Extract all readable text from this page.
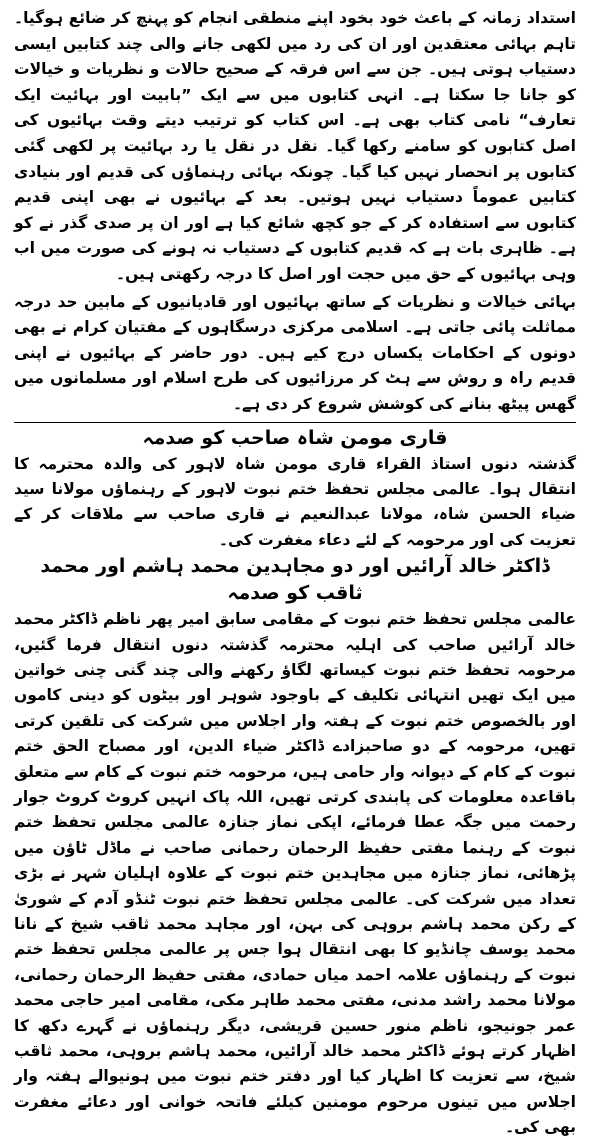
استداد زمانہ کے باعث خود بخود اپنے منطقی انجام کو پہنچ کر ضائع ہوگیا۔ تاہم بہائی معتقدین اور ان کی رد میں لکھی جانے والی چند کتابیں ایسی دستیاب ہوتی ہیں۔ جن سے اس فرقہ کے صحیح حالات و نظریات و خیالات کو جانا جا سکتا ہے۔ انہی کتابوں میں سے ایک ”بابیت اور بہائیت ایک تعارف“ نامی کتاب بھی ہے۔ اس کتاب کو ترتیب دیتے وقت بہائیوں کی اصل کتابوں کو سامنے رکھا گیا۔ نقل در نقل یا رد بہائیت پر لکھی گئی کتابوں پر انحصار نہیں کیا گیا۔ چونکہ بہائی رہنماؤں کی قدیم اور بنیادی کتابیں عموماً دستیاب نہیں ہوتیں۔ بعد کے بہائیوں نے بھی اپنی قدیم کتابوں سے استفادہ کر کے جو کچھ شائع کیا ہے اور ان پر صدی گذر نے کو ہے۔ ظاہری بات ہے کہ قدیم کتابوں کے دستیاب نہ ہونے کی صورت میں اب وہی بہائیوں کے حق میں حجت اور اصل کا درجہ رکھتی ہیں۔

بہائی خیالات و نظریات کے ساتھ بہائیوں اور قادیانیوں کے مابین حد درجہ مماثلت پائی جاتی ہے۔ اسلامی مرکزی درسگاہوں کے مفتیان کرام نے بھی دونوں کے احکامات یکساں درج کیے ہیں۔ دور حاضر کے بہائیوں نے اپنی قدیم راہ و روش سے ہٹ کر مرزائیوں کی طرح اسلام اور مسلمانوں میں گھس پیٹھ بنانے کی کوشش شروع کر دی ہے۔

قاری مومن شاہ صاحب کو صدمہ

گذشتہ دنوں استاذ القراء قاری مومن شاہ لاہور کی والدہ محترمہ کا انتقال ہوا۔ عالمی مجلس تحفظ ختم نبوت لاہور کے رہنماؤں مولانا سید ضیاء الحسن شاہ، مولانا عبدالنعیم نے قاری صاحب سے ملاقات کر کے تعزیت کی اور مرحومہ کے لئے دعاء مغفرت کی۔

ڈاکٹر خالد آرائیں اور دو مجاہدین محمد ہاشم اور محمد ثاقب کو صدمہ

عالمی مجلس تحفظ ختم نبوت کے مقامی سابق امیر پھر ناظم ڈاکٹر محمد خالد آرائیں صاحب کی اہلیہ محترمہ گذشتہ دنوں انتقال فرما گئیں، مرحومہ تحفظ ختم نبوت کیساتھ لگاؤ رکھنے والی چند گنی چنی خواتین میں ایک تھیں انتہائی تکلیف کے باوجود شوہر اور بیٹوں کو دینی کاموں اور بالخصوص ختم نبوت کے ہفتہ وار اجلاس میں شرکت کی تلقین کرتی تھیں، مرحومہ کے دو صاحبزادے ڈاکٹر ضیاء الدین، اور مصباح الحق ختم نبوت کے کام کے دیوانہ وار حامی ہیں، مرحومہ ختم نبوت کے کام سے متعلق باقاعدہ معلومات کی پابندی کرتی تھیں، اللہ پاک انہیں کروٹ کروٹ جوار رحمت میں جگہ عطا فرمائے، اپکی نماز جنازہ عالمی مجلس تحفظ ختم نبوت کے رہنما مفتی حفیظ الرحمان رحمانی صاحب نے ماڈل ٹاؤن میں پڑھائی، نماز جنازہ میں مجاہدین ختم نبوت کے علاوہ اہلیان شہر نے بڑی تعداد میں شرکت کی۔ عالمی مجلس تحفظ ختم نبوت ٹنڈو آدم کے شوریٰ کے رکن محمد ہاشم بروہی کی بہن، اور مجاہد محمد ثاقب شیخ کے نانا محمد یوسف چانڈیو کا بھی انتقال ہوا جس پر عالمی مجلس تحفظ ختم نبوت کے رہنماؤں علامہ احمد میاں حمادی، مفتی حفیظ الرحمان رحمانی، مولانا محمد راشد مدنی، مفتی محمد طاہر مکی، مقامی امیر حاجی محمد عمر جونیجو، ناظم منور حسین قریشی، دیگر رہنماؤں نے گہرے دکھ کا اظہار کرتے ہوئے ڈاکٹر محمد خالد آرائیں، محمد ہاشم بروہی، محمد ثاقب شیخ، سے تعزیت کا اظہار کیا اور دفتر ختم نبوت میں ہونیوالے ہفتہ وار اجلاس میں تینوں مرحوم مومنین کیلئے فاتحہ خوانی اور دعائے مغفرت بھی کی۔
